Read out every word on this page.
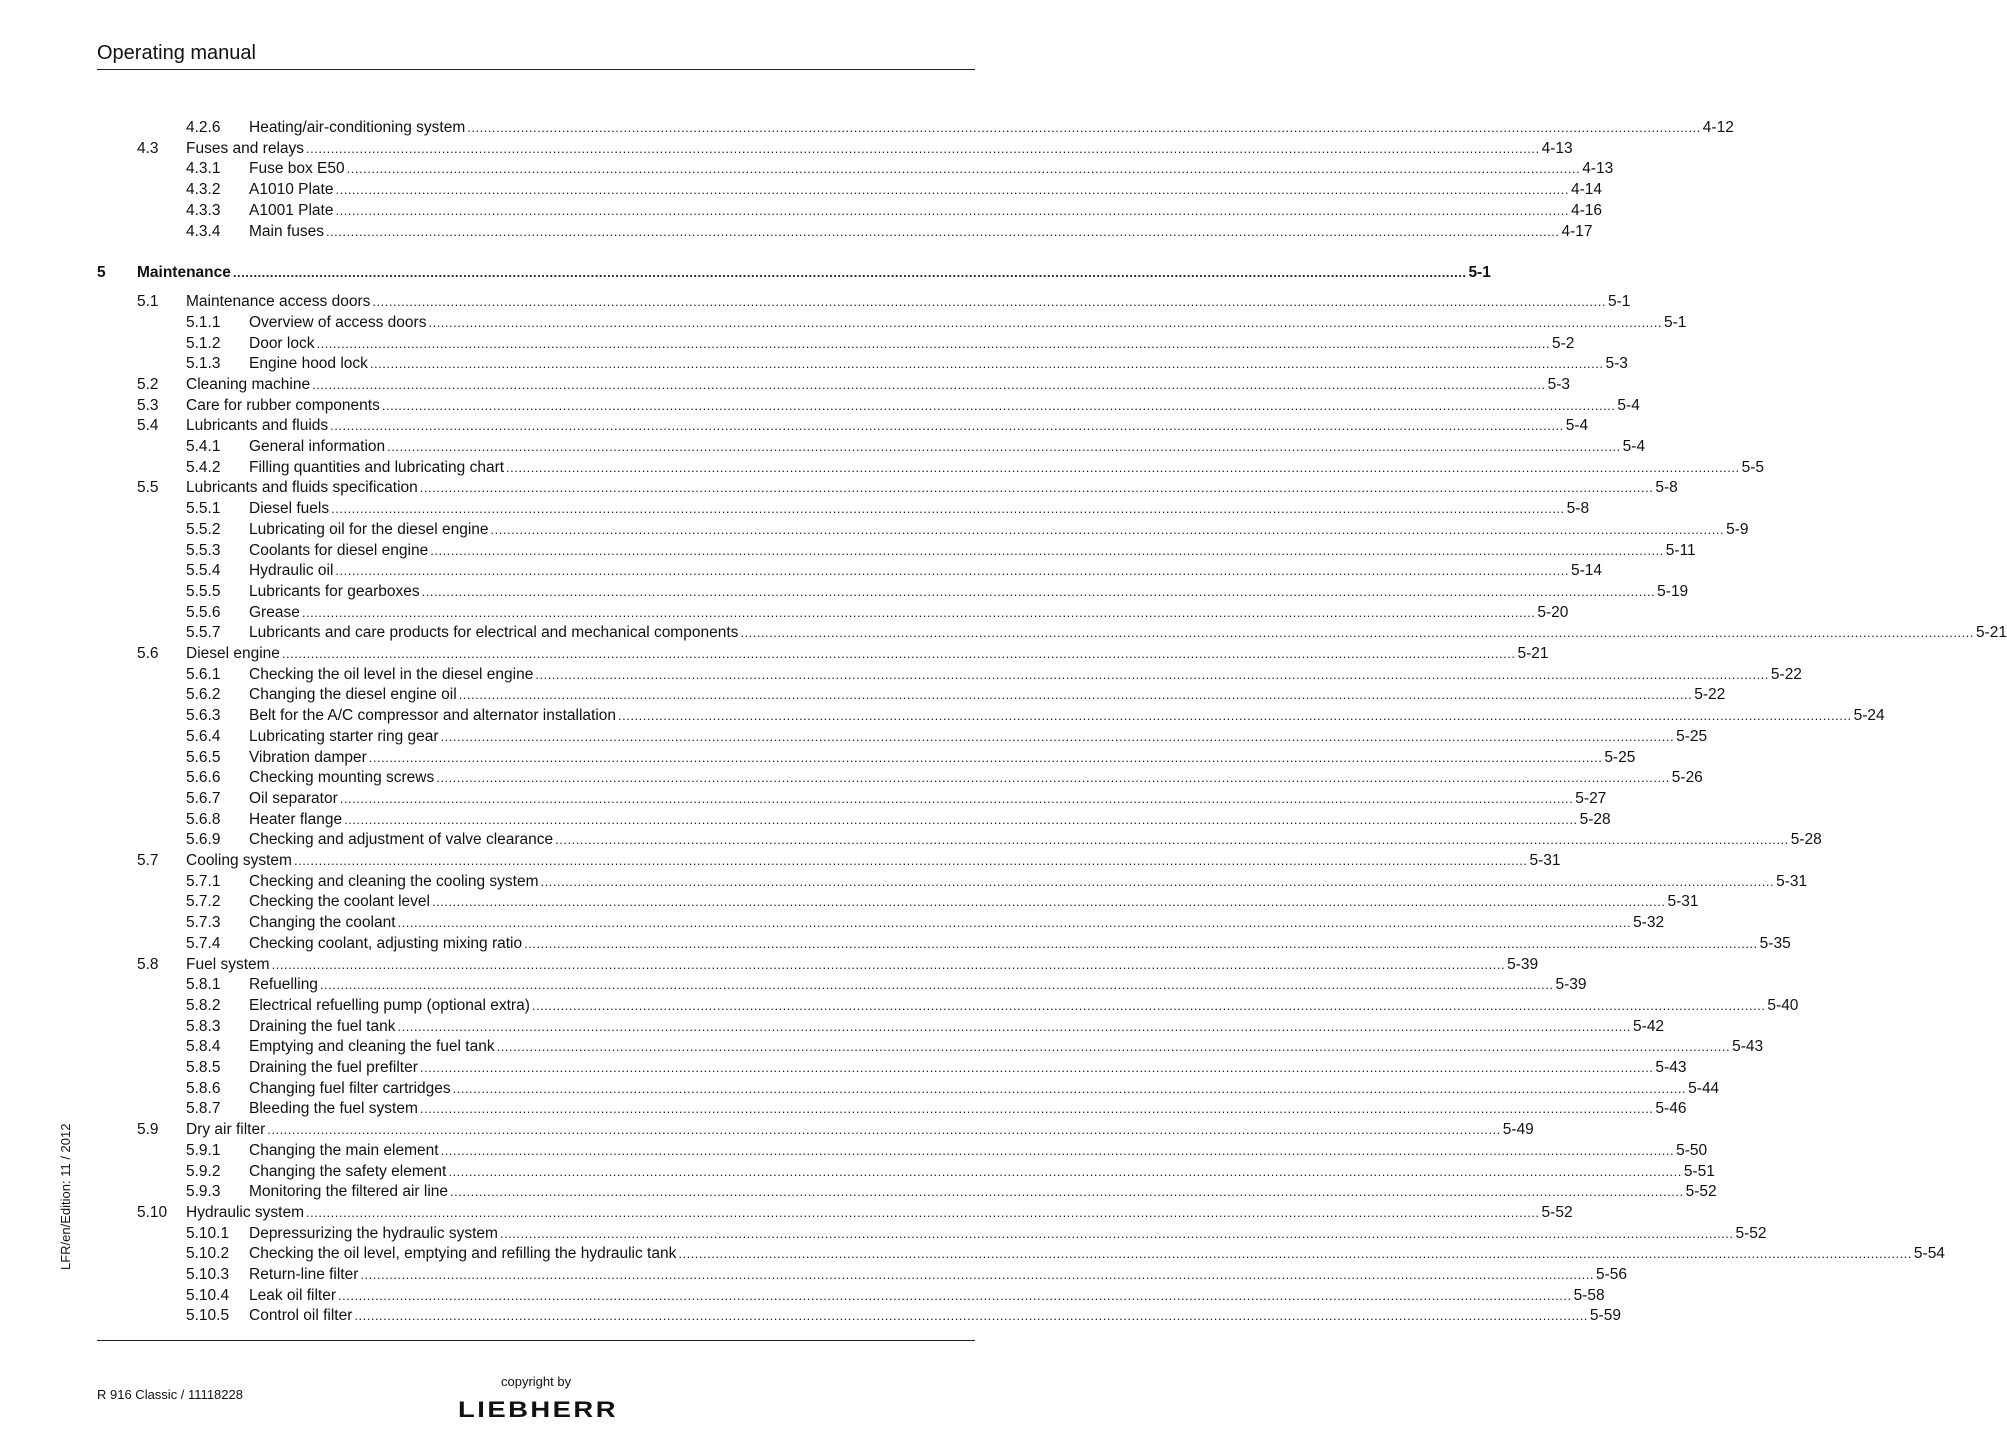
Operating manual
4.2.6 Heating/air-conditioning system ............................................................................................................................................................................................................................................................................................................ 4-12
4.3 Fuses and relays ............................................................................................................................................................................................................................................................................................................ 4-13
4.3.1 Fuse box E50 ............................................................................................................................................................................................................................................................................................................ 4-13
4.3.2 A1010 Plate ............................................................................................................................................................................................................................................................................................................ 4-14
4.3.3 A1001 Plate ............................................................................................................................................................................................................................................................................................................ 4-16
4.3.4 Main fuses ............................................................................................................................................................................................................................................................................................................ 4-17
5 Maintenance ............................................................................................................................................................................................................................................................................................................ 5-1
5.1 Maintenance access doors ............................................................................................................................................................................................................................................................................................................ 5-1
5.1.1 Overview of access doors ............................................................................................................................................................................................................................................................................................................ 5-1
5.1.2 Door lock ............................................................................................................................................................................................................................................................................................................ 5-2
5.1.3 Engine hood lock ............................................................................................................................................................................................................................................................................................................ 5-3
5.2 Cleaning machine ............................................................................................................................................................................................................................................................................................................ 5-3
5.3 Care for rubber components ............................................................................................................................................................................................................................................................................................................ 5-4
5.4 Lubricants and fluids ............................................................................................................................................................................................................................................................................................................ 5-4
5.4.1 General information ............................................................................................................................................................................................................................................................................................................ 5-4
5.4.2 Filling quantities and lubricating chart ............................................................................................................................................................................................................................................................................................................ 5-5
5.5 Lubricants and fluids specification ............................................................................................................................................................................................................................................................................................................ 5-8
5.5.1 Diesel fuels ............................................................................................................................................................................................................................................................................................................ 5-8
5.5.2 Lubricating oil for the diesel engine ............................................................................................................................................................................................................................................................................................................ 5-9
5.5.3 Coolants for diesel engine ............................................................................................................................................................................................................................................................................................................ 5-11
5.5.4 Hydraulic oil ............................................................................................................................................................................................................................................................................................................ 5-14
5.5.5 Lubricants for gearboxes ............................................................................................................................................................................................................................................................................................................ 5-19
5.5.6 Grease ............................................................................................................................................................................................................................................................................................................ 5-20
5.5.7 Lubricants and care products for electrical and mechanical components ............................................................................................................................................................................................................................................................................................................ 5-21
5.6 Diesel engine ............................................................................................................................................................................................................................................................................................................ 5-21
5.6.1 Checking the oil level in the diesel engine ............................................................................................................................................................................................................................................................................................................ 5-22
5.6.2 Changing the diesel engine oil ............................................................................................................................................................................................................................................................................................................ 5-22
5.6.3 Belt for the A/C compressor and alternator installation ............................................................................................................................................................................................................................................................................................................ 5-24
5.6.4 Lubricating starter ring gear ............................................................................................................................................................................................................................................................................................................ 5-25
5.6.5 Vibration damper ............................................................................................................................................................................................................................................................................................................ 5-25
5.6.6 Checking mounting screws ............................................................................................................................................................................................................................................................................................................ 5-26
5.6.7 Oil separator ............................................................................................................................................................................................................................................................................................................ 5-27
5.6.8 Heater flange ............................................................................................................................................................................................................................................................................................................ 5-28
5.6.9 Checking and adjustment of valve clearance ............................................................................................................................................................................................................................................................................................................ 5-28
5.7 Cooling system ............................................................................................................................................................................................................................................................................................................ 5-31
5.7.1 Checking and cleaning the cooling system ............................................................................................................................................................................................................................................................................................................ 5-31
5.7.2 Checking the coolant level ............................................................................................................................................................................................................................................................................................................ 5-31
5.7.3 Changing the coolant ............................................................................................................................................................................................................................................................................................................ 5-32
5.7.4 Checking coolant, adjusting mixing ratio ............................................................................................................................................................................................................................................................................................................ 5-35
5.8 Fuel system ............................................................................................................................................................................................................................................................................................................ 5-39
5.8.1 Refuelling ............................................................................................................................................................................................................................................................................................................ 5-39
5.8.2 Electrical refuelling pump (optional extra) ............................................................................................................................................................................................................................................................................................................ 5-40
5.8.3 Draining the fuel tank ............................................................................................................................................................................................................................................................................................................ 5-42
5.8.4 Emptying and cleaning the fuel tank ............................................................................................................................................................................................................................................................................................................ 5-43
5.8.5 Draining the fuel prefilter ............................................................................................................................................................................................................................................................................................................ 5-43
5.8.6 Changing fuel filter cartridges ............................................................................................................................................................................................................................................................................................................ 5-44
5.8.7 Bleeding the fuel system ............................................................................................................................................................................................................................................................................................................ 5-46
5.9 Dry air filter ............................................................................................................................................................................................................................................................................................................ 5-49
5.9.1 Changing the main element ............................................................................................................................................................................................................................................................................................................ 5-50
5.9.2 Changing the safety element ............................................................................................................................................................................................................................................................................................................ 5-51
5.9.3 Monitoring the filtered air line ............................................................................................................................................................................................................................................................................................................ 5-52
5.10 Hydraulic system ............................................................................................................................................................................................................................................................................................................ 5-52
5.10.1 Depressurizing the hydraulic system ............................................................................................................................................................................................................................................................................................................ 5-52
5.10.2 Checking the oil level, emptying and refilling the hydraulic tank ............................................................................................................................................................................................................................................................................................................ 5-54
5.10.3 Return-line filter ............................................................................................................................................................................................................................................................................................................ 5-56
5.10.4 Leak oil filter ............................................................................................................................................................................................................................................................................................................ 5-58
5.10.5 Control oil filter ............................................................................................................................................................................................................................................................................................................ 5-59
LFR/en/Edition: 11 / 2012
R 916 Classic / 11118228
copyright by
LIEBHERR
